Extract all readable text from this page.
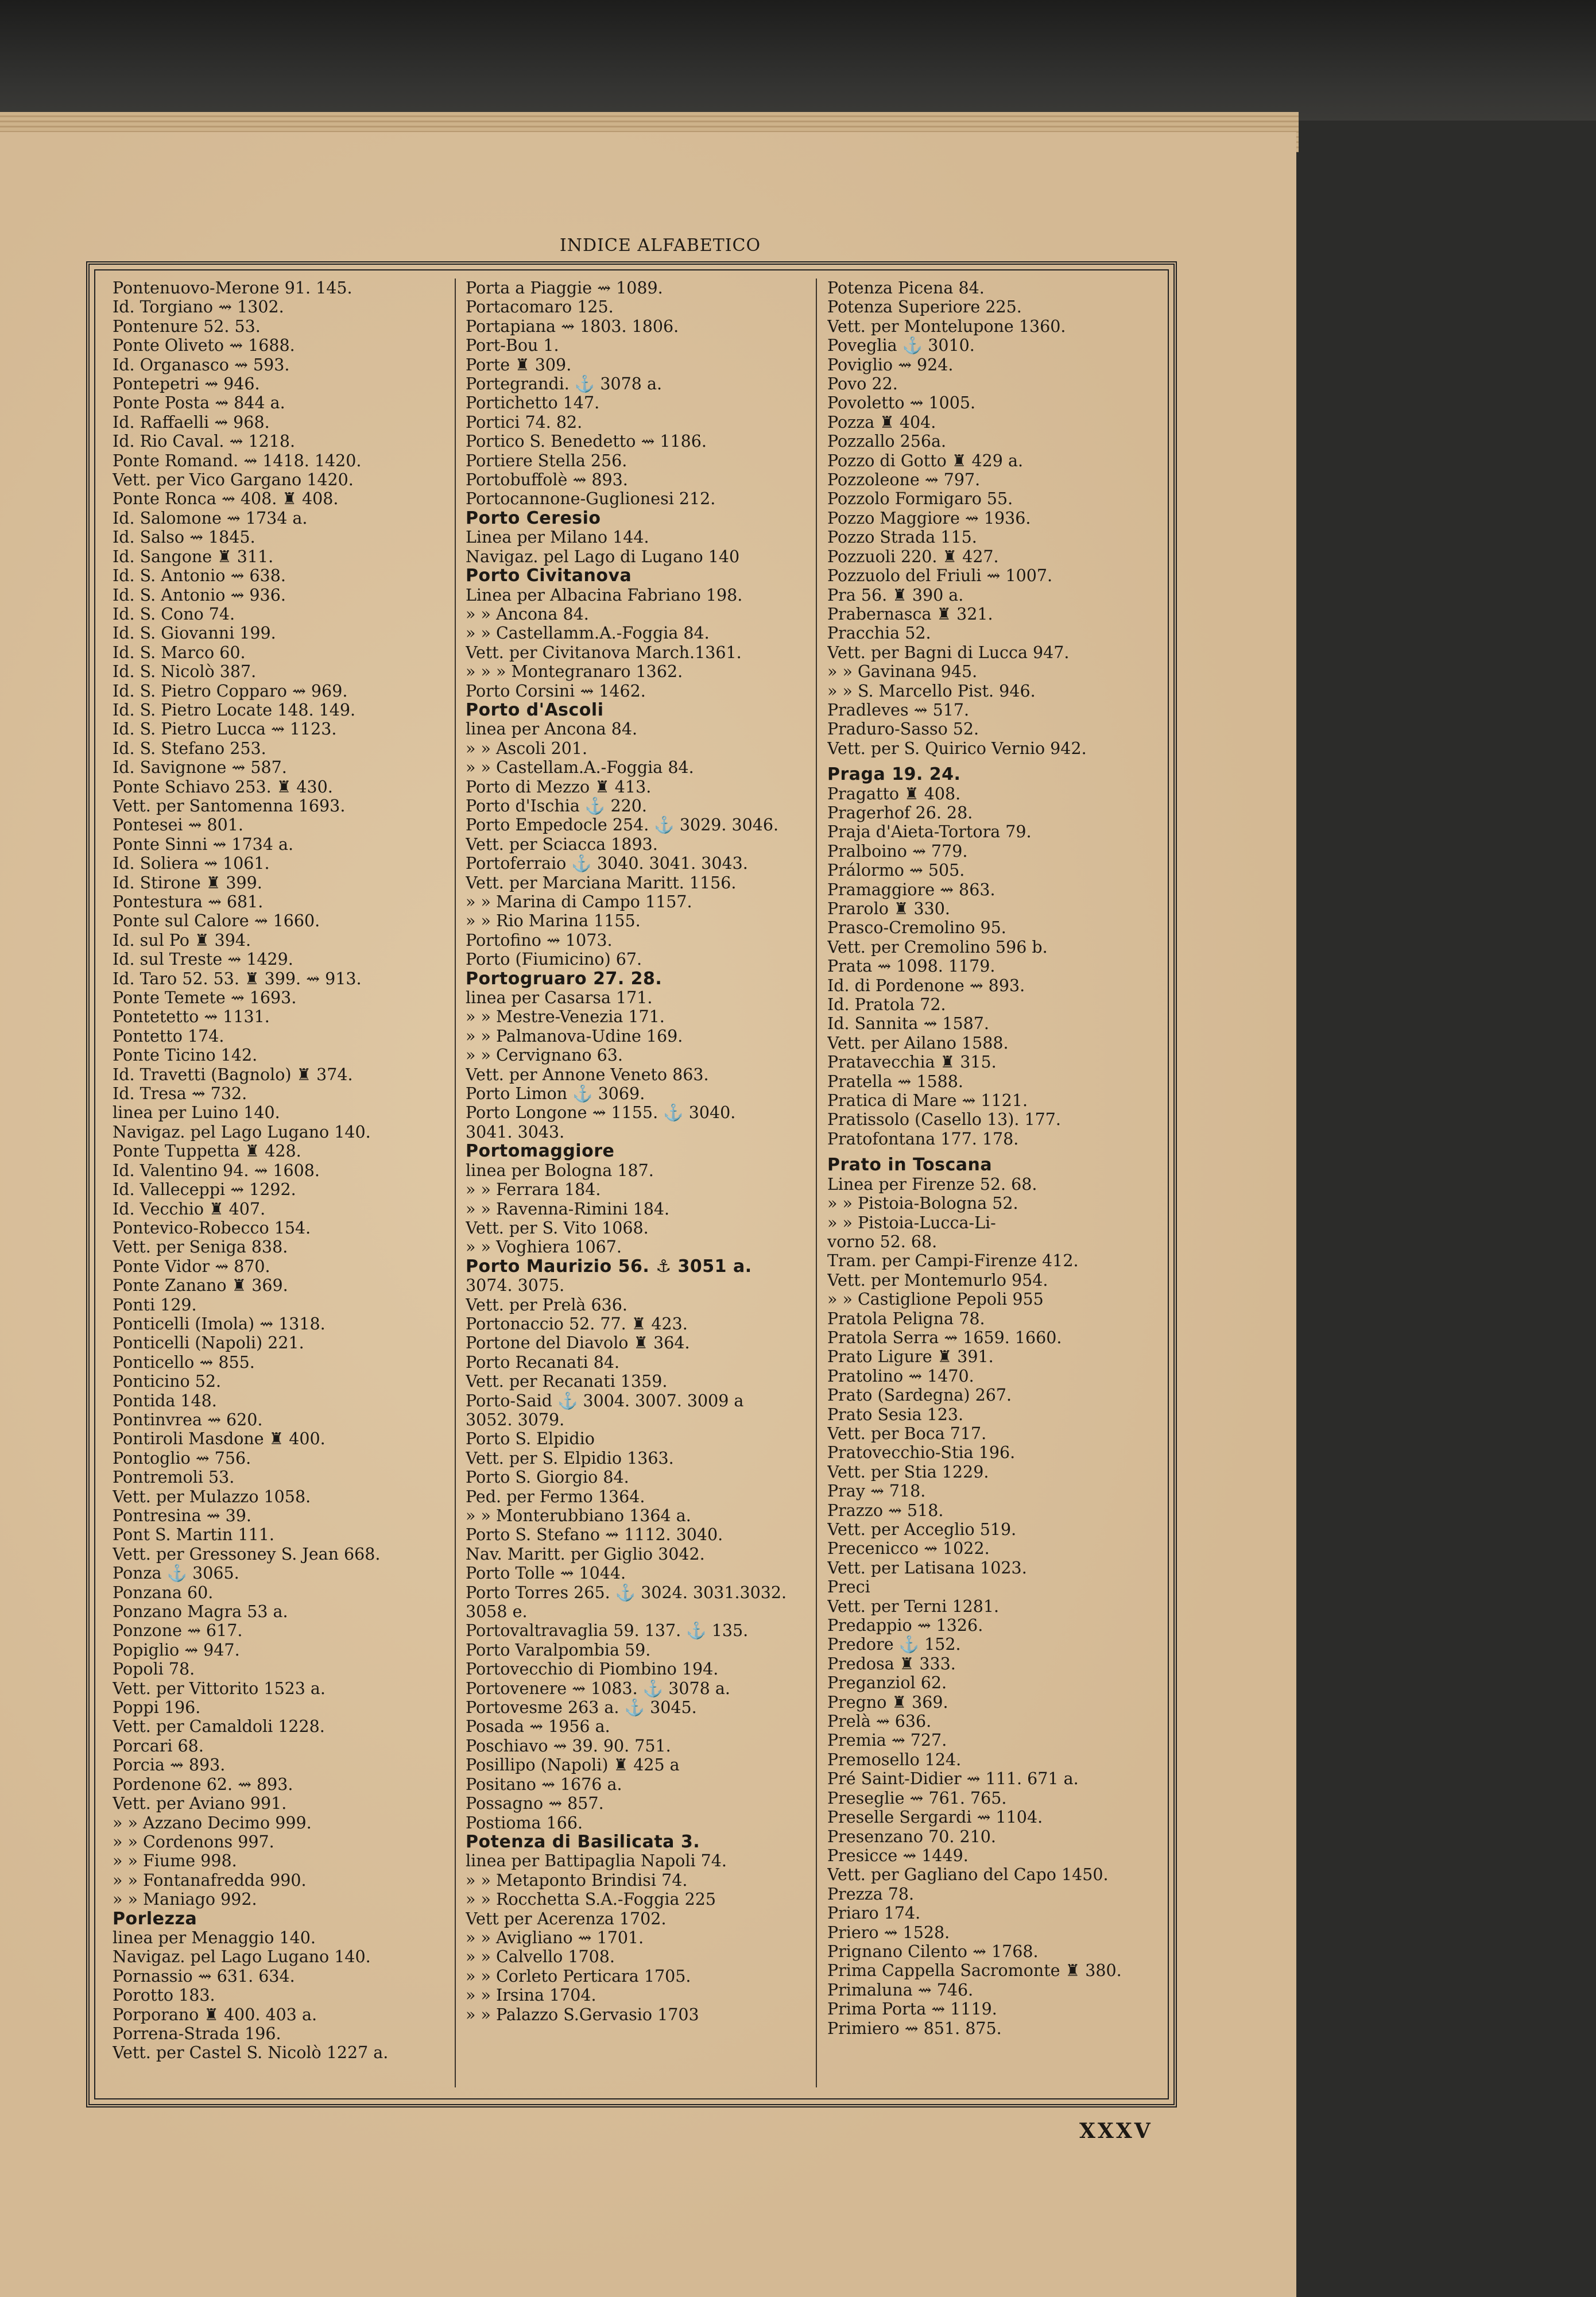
INDICE ALFABETICO
Pontenuovo-Merone 91. 145.
Id. Torgiano ⇝ 1302.
Pontenure 52. 53.
Ponte Oliveto ⇝ 1688.
Id. Organasco ⇝ 593.
Pontepetri ⇝ 946.
Ponte Posta ⇝ 844 a.
Id. Raffaelli ⇝ 968.
Id. Rio Caval. ⇝ 1218.
Ponte Romand. ⇝ 1418. 1420.
Vett. per Vico Gargano 1420.
Ponte Ronca ⇝ 408. ♜ 408.
Id. Salomone ⇝ 1734 a.
Id. Salso ⇝ 1845.
Id. Sangone ♜ 311.
Id. S. Antonio ⇝ 638.
Id. S. Antonio ⇝ 936.
Id. S. Cono 74.
Id. S. Giovanni 199.
Id. S. Marco 60.
Id. S. Nicolò 387.
Id. S. Pietro Copparo ⇝ 969.
Id. S. Pietro Locate 148. 149.
Id. S. Pietro Lucca ⇝ 1123.
Id. S. Stefano 253.
Id. Savignone ⇝ 587.
Ponte Schiavo 253. ♜ 430.
Vett. per Santomenna 1693.
Pontesei ⇝ 801.
Ponte Sinni ⇝ 1734 a.
Id. Soliera ⇝ 1061.
Id. Stirone ♜ 399.
Pontestura ⇝ 681.
Ponte sul Calore ⇝ 1660.
Id. sul Po ♜ 394.
Id. sul Treste ⇝ 1429.
Id. Taro 52. 53. ♜ 399. ⇝ 913.
Ponte Temete ⇝ 1693.
Pontetetto ⇝ 1131.
Pontetto 174.
Ponte Ticino 142.
Id. Travetti (Bagnolo) ♜ 374.
Id. Tresa ⇝ 732.
linea per Luino 140.
Navigaz. pel Lago Lugano 140.
Ponte Tuppetta ♜ 428.
Id. Valentino 94. ⇝ 1608.
Id. Valleceppi ⇝ 1292.
Id. Vecchio ♜ 407.
Pontevico-Robecco 154.
Vett. per Seniga 838.
Ponte Vidor ⇝ 870.
Ponte Zanano ♜ 369.
Ponti 129.
Ponticelli (Imola) ⇝ 1318.
Ponticelli (Napoli) 221.
Ponticello ⇝ 855.
Ponticino 52.
Pontida 148.
Pontinvrea ⇝ 620.
Pontiroli Masdone ♜ 400.
Pontoglio ⇝ 756.
Pontremoli 53.
Vett. per Mulazzo 1058.
Pontresina ⇝ 39.
Pont S. Martin 111.
Vett. per Gressoney S. Jean 668.
Ponza ⚓ 3065.
Ponzana 60.
Ponzano Magra 53 a.
Ponzone ⇝ 617.
Popiglio ⇝ 947.
Popoli 78.
Vett. per Vittorito 1523 a.
Poppi 196.
Vett. per Camaldoli 1228.
Porcari 68.
Porcia ⇝ 893.
Pordenone 62. ⇝ 893.
Vett. per Aviano 991.
» » Azzano Decimo 999.
» » Cordenons 997.
» » Fiume 998.
» » Fontanafredda 990.
» » Maniago 992.
Porlezza
linea per Menaggio 140.
Navigaz. pel Lago Lugano 140.
Pornassio ⇝ 631. 634.
Porotto 183.
Porporano ♜ 400. 403 a.
Porrena-Strada 196.
Vett. per Castel S. Nicolò 1227 a.
Porta a Piaggie ⇝ 1089.
Portacomaro 125.
Portapiana ⇝ 1803. 1806.
Port-Bou 1.
Porte ♜ 309.
Portegrandi. ⚓ 3078 a.
Portichetto 147.
Portici 74. 82.
Portico S. Benedetto ⇝ 1186.
Portiere Stella 256.
Portobuffolè ⇝ 893.
Portocannone-Guglionesi 212.
Porto Ceresio
Linea per Milano 144.
Navigaz. pel Lago di Lugano 140
Porto Civitanova
Linea per Albacina Fabriano 198.
» » Ancona 84.
» » Castellamm.A.-Foggia 84.
Vett. per Civitanova March.1361.
» » » Montegranaro 1362.
Porto Corsini ⇝ 1462.
Porto d'Ascoli
linea per Ancona 84.
» » Ascoli 201.
» » Castellam.A.-Foggia 84.
Porto di Mezzo ♜ 413.
Porto d'Ischia ⚓ 220.
Porto Empedocle 254. ⚓ 3029. 3046.
Vett. per Sciacca 1893.
Portoferraio ⚓ 3040. 3041. 3043.
Vett. per Marciana Maritt. 1156.
» » Marina di Campo 1157.
» » Rio Marina 1155.
Portofino ⇝ 1073.
Porto (Fiumicino) 67.
Portogruaro 27. 28.
linea per Casarsa 171.
» » Mestre-Venezia 171.
» » Palmanova-Udine 169.
» » Cervignano 63.
Vett. per Annone Veneto 863.
Porto Limon ⚓ 3069.
Porto Longone ⇝ 1155. ⚓ 3040.
3041. 3043.
Portomaggiore
linea per Bologna 187.
» » Ferrara 184.
» » Ravenna-Rimini 184.
Vett. per S. Vito 1068.
» » Voghiera 1067.
Porto Maurizio 56. ⚓ 3051 a.
3074. 3075.
Vett. per Prelà 636.
Portonaccio 52. 77. ♜ 423.
Portone del Diavolo ♜ 364.
Porto Recanati 84.
Vett. per Recanati 1359.
Porto-Said ⚓ 3004. 3007. 3009 a
3052. 3079.
Porto S. Elpidio
Vett. per S. Elpidio 1363.
Porto S. Giorgio 84.
Ped. per Fermo 1364.
» » Monterubbiano 1364 a.
Porto S. Stefano ⇝ 1112. 3040.
Nav. Maritt. per Giglio 3042.
Porto Tolle ⇝ 1044.
Porto Torres 265. ⚓ 3024. 3031.3032.
3058 e.
Portovaltravaglia 59. 137. ⚓ 135.
Porto Varalpombia 59.
Portovecchio di Piombino 194.
Portovenere ⇝ 1083. ⚓ 3078 a.
Portovesme 263 a. ⚓ 3045.
Posada ⇝ 1956 a.
Poschiavo ⇝ 39. 90. 751.
Posillipo (Napoli) ♜ 425 a
Positano ⇝ 1676 a.
Possagno ⇝ 857.
Postioma 166.
Potenza di Basilicata 3.
linea per Battipaglia Napoli 74.
» » Metaponto Brindisi 74.
» » Rocchetta S.A.-Foggia 225
Vett per Acerenza 1702.
» » Avigliano ⇝ 1701.
» » Calvello 1708.
» » Corleto Perticara 1705.
» » Irsina 1704.
» » Palazzo S.Gervasio 1703
Potenza Picena 84.
Potenza Superiore 225.
Vett. per Montelupone 1360.
Poveglia ⚓ 3010.
Poviglio ⇝ 924.
Povo 22.
Povoletto ⇝ 1005.
Pozza ♜ 404.
Pozzallo 256a.
Pozzo di Gotto ♜ 429 a.
Pozzoleone ⇝ 797.
Pozzolo Formigaro 55.
Pozzo Maggiore ⇝ 1936.
Pozzo Strada 115.
Pozzuoli 220. ♜ 427.
Pozzuolo del Friuli ⇝ 1007.
Pra 56. ♜ 390 a.
Prabernasca ♜ 321.
Pracchia 52.
Vett. per Bagni di Lucca 947.
» » Gavinana 945.
» » S. Marcello Pist. 946.
Pradleves ⇝ 517.
Praduro-Sasso 52.
Vett. per S. Quirico Vernio 942.
Praga 19. 24.
Pragatto ♜ 408.
Pragerhof 26. 28.
Praja d'Aieta-Tortora 79.
Pralboino ⇝ 779.
Prálormo ⇝ 505.
Pramaggiore ⇝ 863.
Prarolo ♜ 330.
Prasco-Cremolino 95.
Vett. per Cremolino 596 b.
Prata ⇝ 1098. 1179.
Id. di Pordenone ⇝ 893.
Id. Pratola 72.
Id. Sannita ⇝ 1587.
Vett. per Ailano 1588.
Pratavecchia ♜ 315.
Pratella ⇝ 1588.
Pratica di Mare ⇝ 1121.
Pratissolo (Casello 13). 177.
Pratofontana 177. 178.
Prato in Toscana
Linea per Firenze 52. 68.
» » Pistoia-Bologna 52.
» » Pistoia-Lucca-Li-
vorno 52. 68.
Tram. per Campi-Firenze 412.
Vett. per Montemurlo 954.
» » Castiglione Pepoli 955
Pratola Peligna 78.
Pratola Serra ⇝ 1659. 1660.
Prato Ligure ♜ 391.
Pratolino ⇝ 1470.
Prato (Sardegna) 267.
Prato Sesia 123.
Vett. per Boca 717.
Pratovecchio-Stia 196.
Vett. per Stia 1229.
Pray ⇝ 718.
Prazzo ⇝ 518.
Vett. per Acceglio 519.
Precenicco ⇝ 1022.
Vett. per Latisana 1023.
Preci
Vett. per Terni 1281.
Predappio ⇝ 1326.
Predore ⚓ 152.
Predosa ♜ 333.
Preganziol 62.
Pregno ♜ 369.
Prelà ⇝ 636.
Premia ⇝ 727.
Premosello 124.
Pré Saint-Didier ⇝ 111. 671 a.
Preseglie ⇝ 761. 765.
Preselle Sergardi ⇝ 1104.
Presenzano 70. 210.
Presicce ⇝ 1449.
Vett. per Gagliano del Capo 1450.
Prezza 78.
Priaro 174.
Priero ⇝ 1528.
Prignano Cilento ⇝ 1768.
Prima Cappella Sacromonte ♜ 380.
Primaluna ⇝ 746.
Prima Porta ⇝ 1119.
Primiero ⇝ 851. 875.
XXXV
